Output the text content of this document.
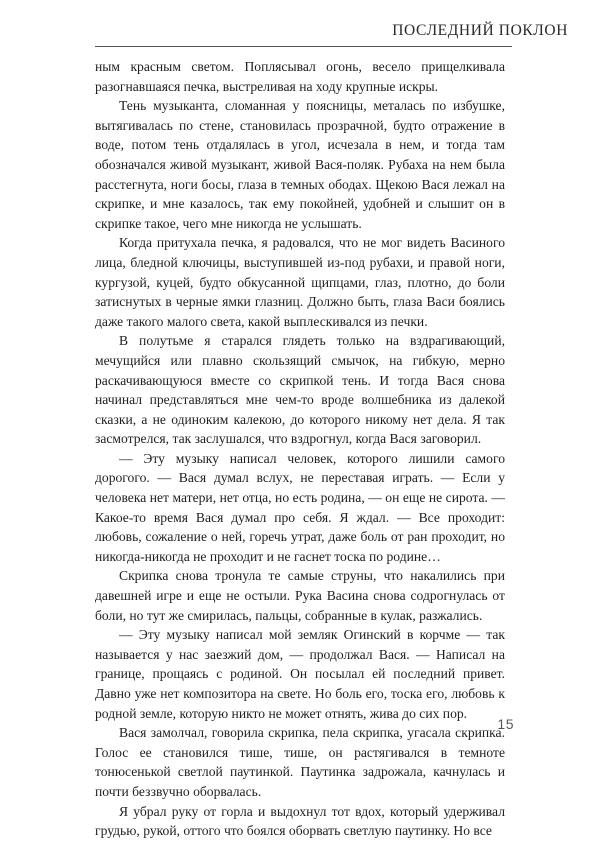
ПОСЛЕДНИЙ ПОКЛОН

ным красным светом. Поплясывал огонь, весело прищелкивала разогнавшаяся печка, выстреливая на ходу крупные искры.

Тень музыканта, сломанная у поясницы, металась по избушке, вытягивалась по стене, становилась прозрачной, будто отражение в воде, потом тень отдалялась в угол, исчезала в нем, и тогда там обозначался живой музыкант, живой Вася-поляк. Рубаха на нем была расстегнута, ноги босы, глаза в темных ободах. Щекою Вася лежал на скрипке, и мне казалось, так ему покойней, удобней и слышит он в скрипке такое, чего мне никогда не услышать.

Когда притухала печка, я радовался, что не мог видеть Васиного лица, бледной ключицы, выступившей из-под рубахи, и правой ноги, кургузой, куцей, будто обкусанной щипцами, глаз, плотно, до боли затиснутых в черные ямки глазниц. Должно быть, глаза Васи боялись даже такого малого света, какой выплескивался из печки.

В полутьме я старался глядеть только на вздрагивающий, мечущийся или плавно скользящий смычок, на гибкую, мерно раскачивающуюся вместе со скрипкой тень. И тогда Вася снова начинал представляться мне чем-то вроде волшебника из далекой сказки, а не одиноким калекою, до которого никому нет дела. Я так засмотрелся, так заслушался, что вздрогнул, когда Вася заговорил.

— Эту музыку написал человек, которого лишили самого дорогого. — Вася думал вслух, не переставая играть. — Если у человека нет матери, нет отца, но есть родина, — он еще не сирота. — Какое-то время Вася думал про себя. Я ждал. — Все проходит: любовь, сожаление о ней, горечь утрат, даже боль от ран проходит, но никогда-никогда не проходит и не гаснет тоска по родине…

Скрипка снова тронула те самые струны, что накалились при давешней игре и еще не остыли. Рука Васина снова содрогнулась от боли, но тут же смирилась, пальцы, собранные в кулак, разжались.

— Эту музыку написал мой земляк Огинский в корчме — так называется у нас заезжий дом, — продолжал Вася. — Написал на границе, прощаясь с родиной. Он посылал ей последний привет. Давно уже нет композитора на свете. Но боль его, тоска его, любовь к родной земле, которую никто не может отнять, жива до сих пор.

Вася замолчал, говорила скрипка, пела скрипка, угасала скрипка. Голос ее становился тише, тише, он растягивался в темноте тонюсенькой светлой паутинкой. Паутинка задрожала, качнулась и почти беззвучно оборвалась.

Я убрал руку от горла и выдохнул тот вдох, который удерживал грудью, рукой, оттого что боялся оборвать светлую паутинку. Но все

15
